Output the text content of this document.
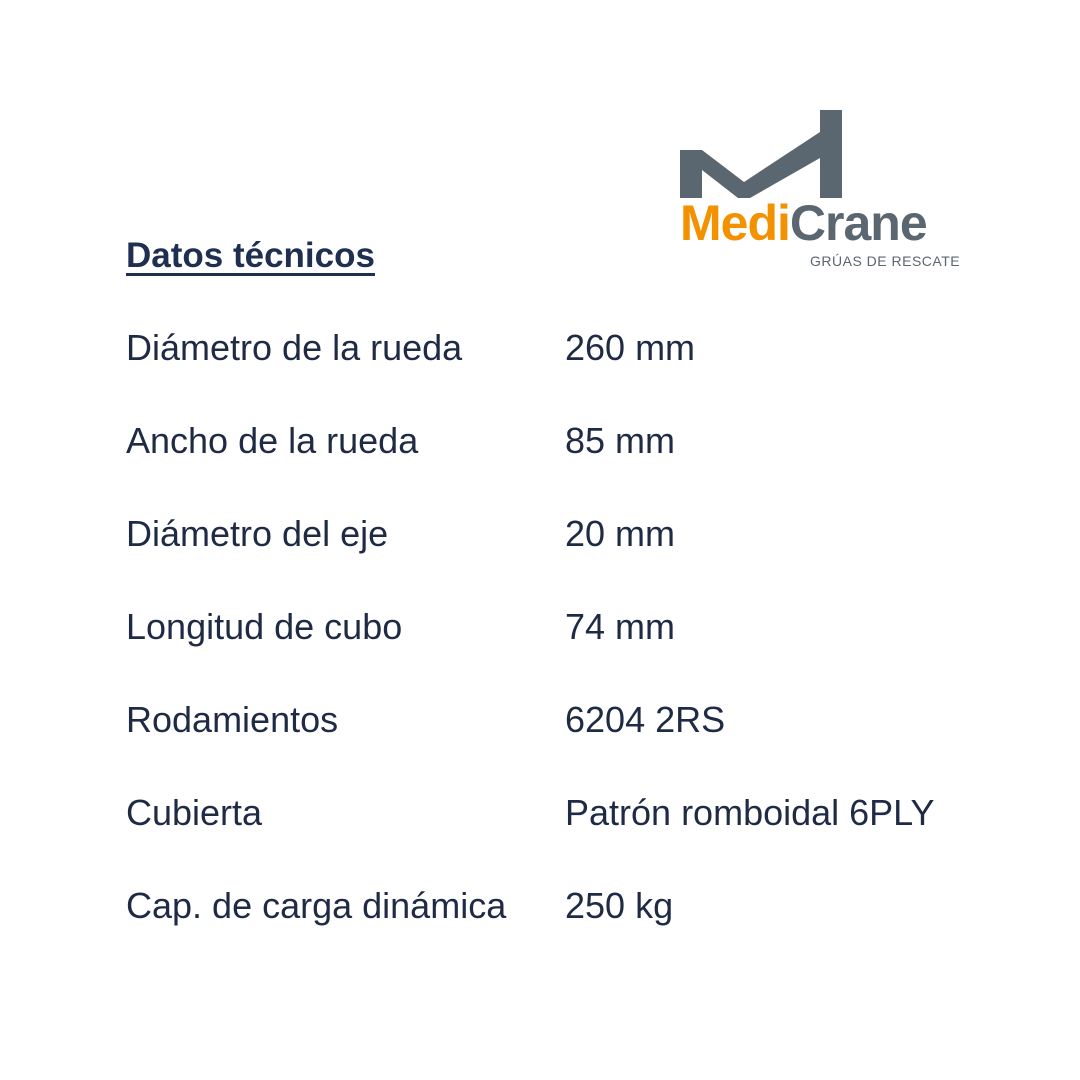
MediCrane
GRÚAS DE RESCATE
Datos técnicos
Diámetro de la rueda	260 mm
Ancho de la rueda	85 mm
Diámetro del eje	20 mm
Longitud de cubo	74 mm
Rodamientos	6204 2RS
Cubierta	Patrón romboidal 6PLY
Cap. de carga dinámica 250 kg
